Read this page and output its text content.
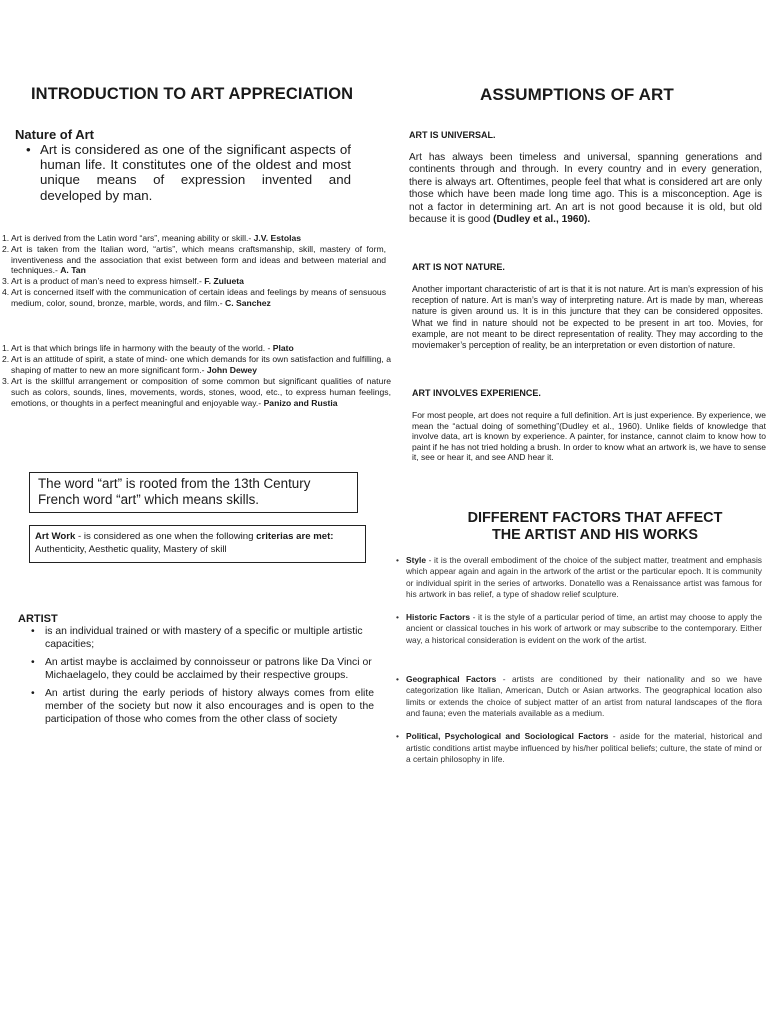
INTRODUCTION TO ART APPRECIATION
Nature of Art
• Art is considered as one of the significant aspects of human life. It constitutes one of the oldest and most unique means of expression invented and developed by man.
1. Art is derived from the Latin word “ars”, meaning ability or skill.- J.V. Estolas
2. Art is taken from the Italian word, “artis”, which means craftsmanship, skill, mastery of form, inventiveness and the association that exist between form and ideas and between material and techniques.- A. Tan
3. Art is a product of man’s need to express himself.- F. Zulueta
4. Art is concerned itself with the communication of certain ideas and feelings by means of sensuous medium, color, sound, bronze, marble, words, and film.- C. Sanchez
1. Art is that which brings life in harmony with the beauty of the world. - Plato
2. Art is an attitude of spirit, a state of mind- one which demands for its own satisfaction and fulfilling, a shaping of matter to new an more significant form.- John Dewey
3. Art is the skillful arrangement or composition of some common but significant qualities of nature such as colors, sounds, lines, movements, words, stones, wood, etc., to express human feelings, emotions, or thoughts in a perfect meaningful and enjoyable way.- Panizo and Rustia
The word “art” is rooted from the 13th Century French word “art” which means skills.
Art Work - is considered as one when the following criterias are met: Authenticity, Aesthetic quality, Mastery of skill
ARTIST
• is an individual trained or with mastery of a specific or multiple artistic capacities;
• An artist maybe is acclaimed by connoisseur or patrons like Da Vinci or Michaelagelo, they could be acclaimed by their respective groups.
• An artist during the early periods of history always comes from elite member of the society but now it also encourages and is open to the participation of those who comes from the other class of society
ASSUMPTIONS OF ART
ART IS UNIVERSAL.
Art has always been timeless and universal, spanning generations and continents through and through. In every country and in every generation, there is always art. Oftentimes, people feel that what is considered art are only those which have been made long time ago. This is a misconception. Age is not a factor in determining art. An art is not good because it is old, but old because it is good (Dudley et al., 1960).
ART IS NOT NATURE.
Another important characteristic of art is that it is not nature. Art is man’s expression of his reception of nature. Art is man’s way of interpreting nature. Art is made by man, whereas nature is given around us. It is in this juncture that they can be considered opposites. What we find in nature should not be expected to be present in art too. Movies, for example, are not meant to be direct representation of reality. They may according to the moviemaker’s perception of reality, be an interpretation or even distortion of nature.
ART INVOLVES EXPERIENCE.
For most people, art does not require a full definition. Art is just experience. By experience, we mean the “actual doing of something”(Dudley et al., 1960). Unlike fields of knowledge that involve data, art is known by experience. A painter, for instance, cannot claim to know how to paint if he has not tried holding a brush. In order to know what an artwork is, we have to sense it, see or hear it, and see AND hear it.
DIFFERENT FACTORS THAT AFFECT
THE ARTIST AND HIS WORKS
• Style - it is the overall embodiment of the choice of the subject matter, treatment and emphasis which appear again and again in the artwork of the artist or the particular epoch. It is community or individual spirit in the series of artworks. Donatello was a Renaissance artist was famous for his artwork in bas relief, a type of shadow relief sculpture.
• Historic Factors - it is the style of a particular period of time, an artist may choose to apply the ancient or classical touches in his work of artwork or may subscribe to the contemporary. Either way, a historical consideration is evident on the work of the artist.
• Geographical Factors - artists are conditioned by their nationality and so we have categorization like Italian, American, Dutch or Asian artworks. The geographical location also limits or extends the choice of subject matter of an artist from natural landscapes of the flora and fauna; even the materials available as a medium.
• Political, Psychological and Sociological Factors - aside for the material, historical and artistic conditions artist maybe influenced by his/her political beliefs; culture, the state of mind or a certain philosophy in life.
